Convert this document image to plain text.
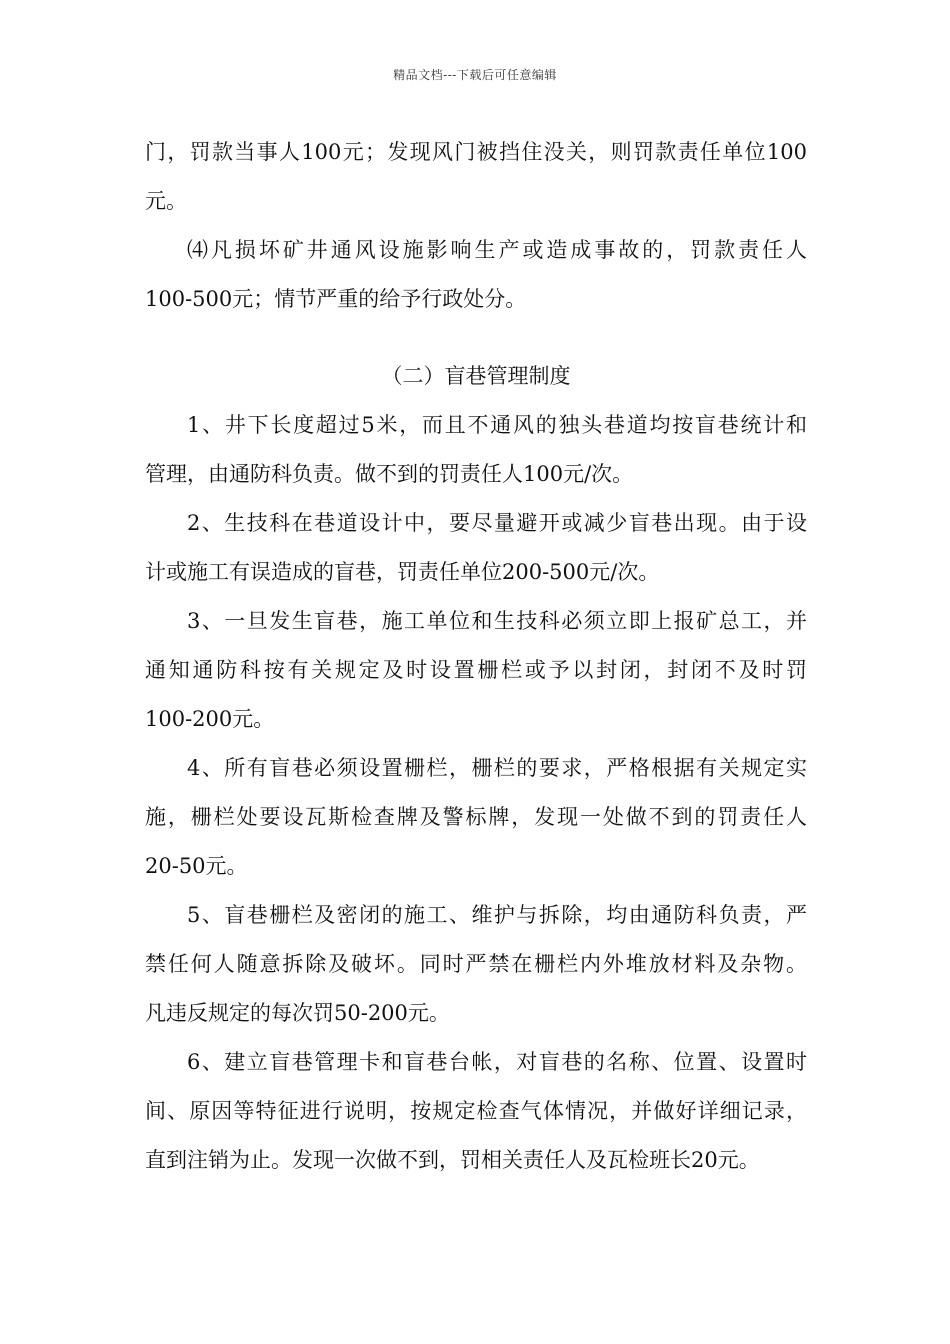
精品文档---下载后可任意编辑
门，罚款当事人100元；发现风门被挡住没关，则罚款责任单位100
元。
⑷凡损坏矿井通风设施影响生产或造成事故的，罚款责任人
100-500元；情节严重的给予行政处分。
（二）盲巷管理制度
1、井下长度超过5米，而且不通风的独头巷道均按盲巷统计和
管理，由通防科负责。做不到的罚责任人100元/次。
2、生技科在巷道设计中，要尽量避开或减少盲巷出现。由于设
计或施工有误造成的盲巷，罚责任单位200-500元/次。
3、一旦发生盲巷，施工单位和生技科必须立即上报矿总工，并
通知通防科按有关规定及时设置栅栏或予以封闭，封闭不及时罚
100-200元。
4、所有盲巷必须设置栅栏，栅栏的要求，严格根据有关规定实
施，栅栏处要设瓦斯检查牌及警标牌，发现一处做不到的罚责任人
20-50元。
5、盲巷栅栏及密闭的施工、维护与拆除，均由通防科负责，严
禁任何人随意拆除及破坏。同时严禁在栅栏内外堆放材料及杂物。
凡违反规定的每次罚50-200元。
6、建立盲巷管理卡和盲巷台帐，对盲巷的名称、位置、设置时
间、原因等特征进行说明，按规定检查气体情况，并做好详细记录，
直到注销为止。发现一次做不到，罚相关责任人及瓦检班长20元。
